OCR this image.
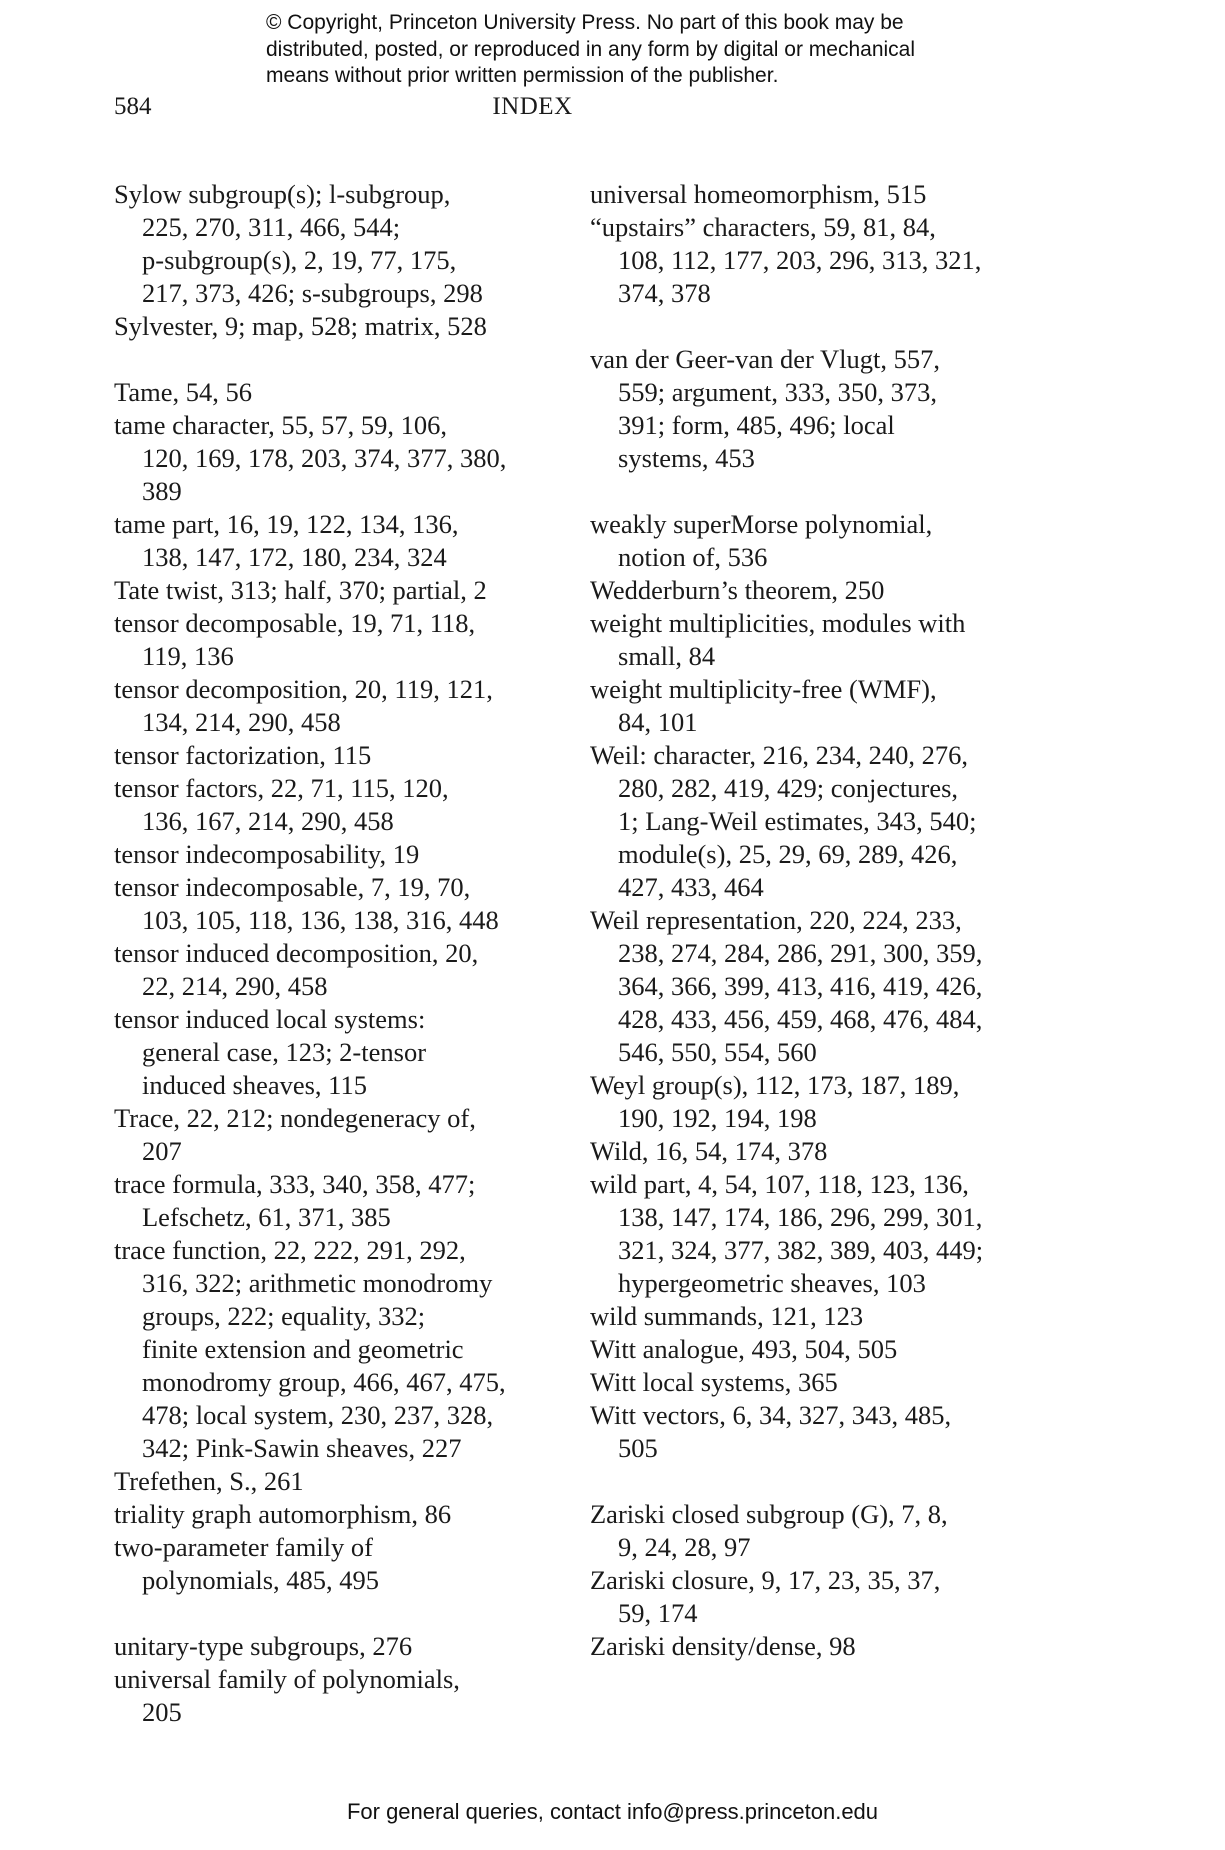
© Copyright, Princeton University Press. No part of this book may be
distributed, posted, or reproduced in any form by digital or mechanical
means without prior written permission of the publisher.
584	INDEX
Sylow subgroup(s); l-subgroup,
225, 270, 311, 466, 544;
p-subgroup(s), 2, 19, 77, 175,
217, 373, 426; s-subgroups, 298
Sylvester, 9; map, 528; matrix, 528
Tame, 54, 56
tame character, 55, 57, 59, 106,
120, 169, 178, 203, 374, 377, 380,
389
tame part, 16, 19, 122, 134, 136,
138, 147, 172, 180, 234, 324
Tate twist, 313; half, 370; partial, 2
tensor decomposable, 19, 71, 118,
119, 136
tensor decomposition, 20, 119, 121,
134, 214, 290, 458
tensor factorization, 115
tensor factors, 22, 71, 115, 120,
136, 167, 214, 290, 458
tensor indecomposability, 19
tensor indecomposable, 7, 19, 70,
103, 105, 118, 136, 138, 316, 448
tensor induced decomposition, 20,
22, 214, 290, 458
tensor induced local systems:
general case, 123; 2-tensor
induced sheaves, 115
Trace, 22, 212; nondegeneracy of,
207
trace formula, 333, 340, 358, 477;
Lefschetz, 61, 371, 385
trace function, 22, 222, 291, 292,
316, 322; arithmetic monodromy
groups, 222; equality, 332;
finite extension and geometric
monodromy group, 466, 467, 475,
478; local system, 230, 237, 328,
342; Pink-Sawin sheaves, 227
Trefethen, S., 261
triality graph automorphism, 86
two-parameter family of
polynomials, 485, 495
unitary-type subgroups, 276
universal family of polynomials,
205
universal homeomorphism, 515
“upstairs” characters, 59, 81, 84,
108, 112, 177, 203, 296, 313, 321,
374, 378
van der Geer-van der Vlugt, 557,
559; argument, 333, 350, 373,
391; form, 485, 496; local
systems, 453
weakly superMorse polynomial,
notion of, 536
Wedderburn’s theorem, 250
weight multiplicities, modules with
small, 84
weight multiplicity-free (WMF),
84, 101
Weil: character, 216, 234, 240, 276,
280, 282, 419, 429; conjectures,
1; Lang-Weil estimates, 343, 540;
module(s), 25, 29, 69, 289, 426,
427, 433, 464
Weil representation, 220, 224, 233,
238, 274, 284, 286, 291, 300, 359,
364, 366, 399, 413, 416, 419, 426,
428, 433, 456, 459, 468, 476, 484,
546, 550, 554, 560
Weyl group(s), 112, 173, 187, 189,
190, 192, 194, 198
Wild, 16, 54, 174, 378
wild part, 4, 54, 107, 118, 123, 136,
138, 147, 174, 186, 296, 299, 301,
321, 324, 377, 382, 389, 403, 449;
hypergeometric sheaves, 103
wild summands, 121, 123
Witt analogue, 493, 504, 505
Witt local systems, 365
Witt vectors, 6, 34, 327, 343, 485,
505
Zariski closed subgroup (G), 7, 8,
9, 24, 28, 97
Zariski closure, 9, 17, 23, 35, 37,
59, 174
Zariski density/dense, 98
For general queries, contact info@press.princeton.edu
